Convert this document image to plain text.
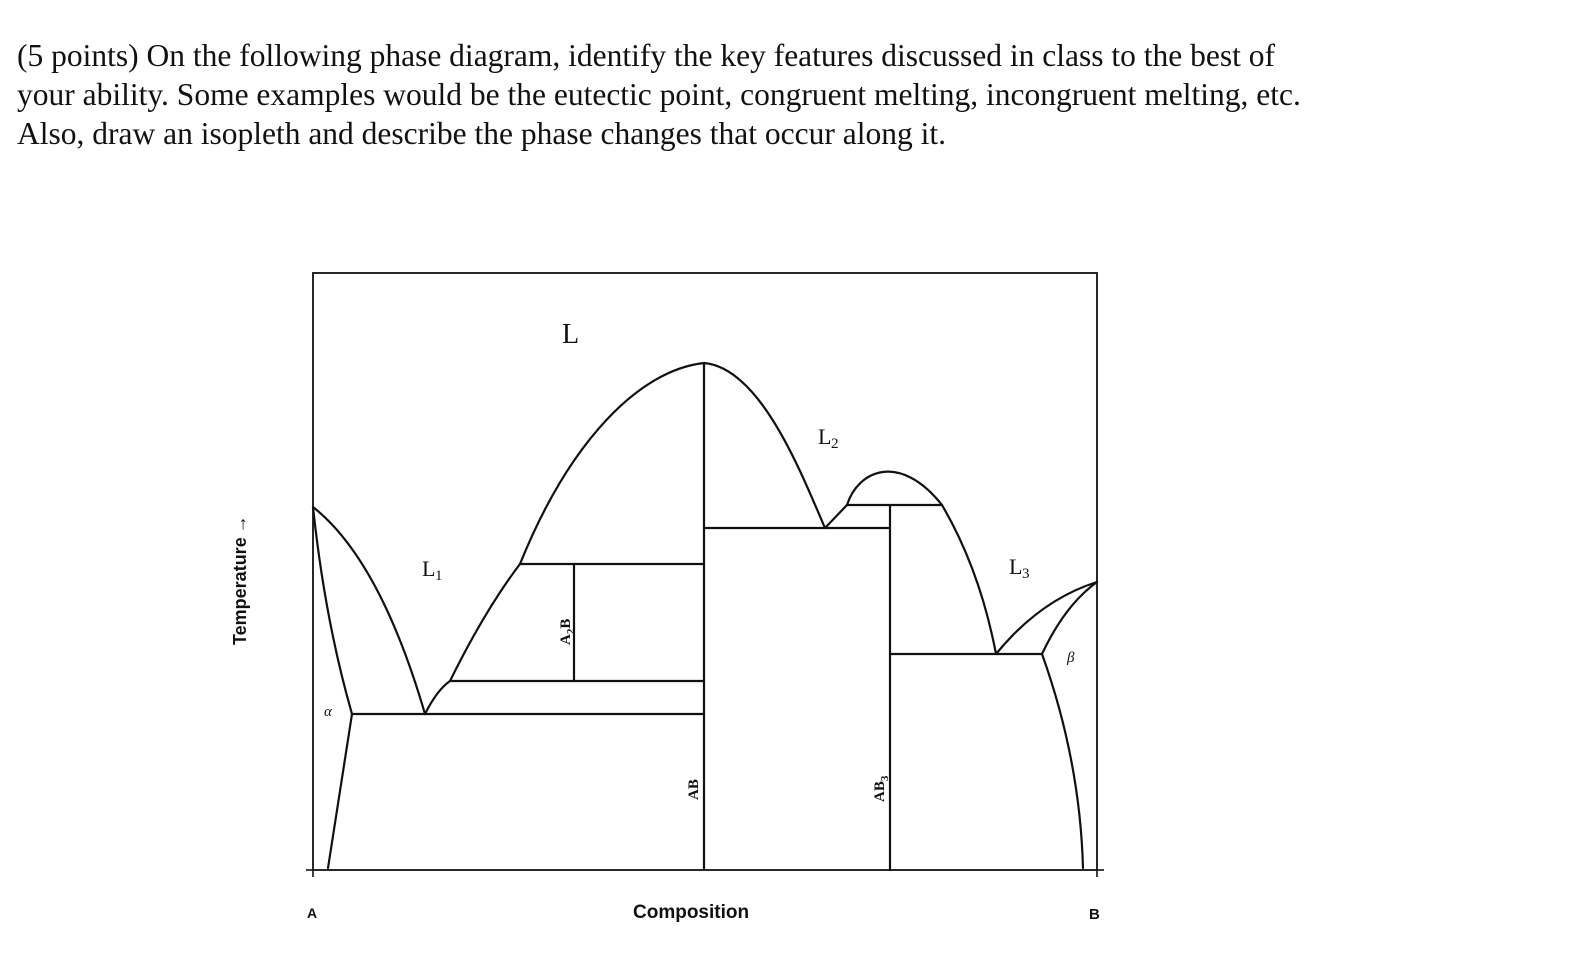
(5 points) On the following phase diagram, identify the key features discussed in class to the best of
your ability. Some examples would be the eutectic point, congruent melting, incongruent melting, etc.
Also, draw an isopleth and describe the phase changes that occur along it.
L
L 1
L 2
L 3
α
β
$A_2B$
AB	$AB_3$
Temperature→
Composition
A	B
